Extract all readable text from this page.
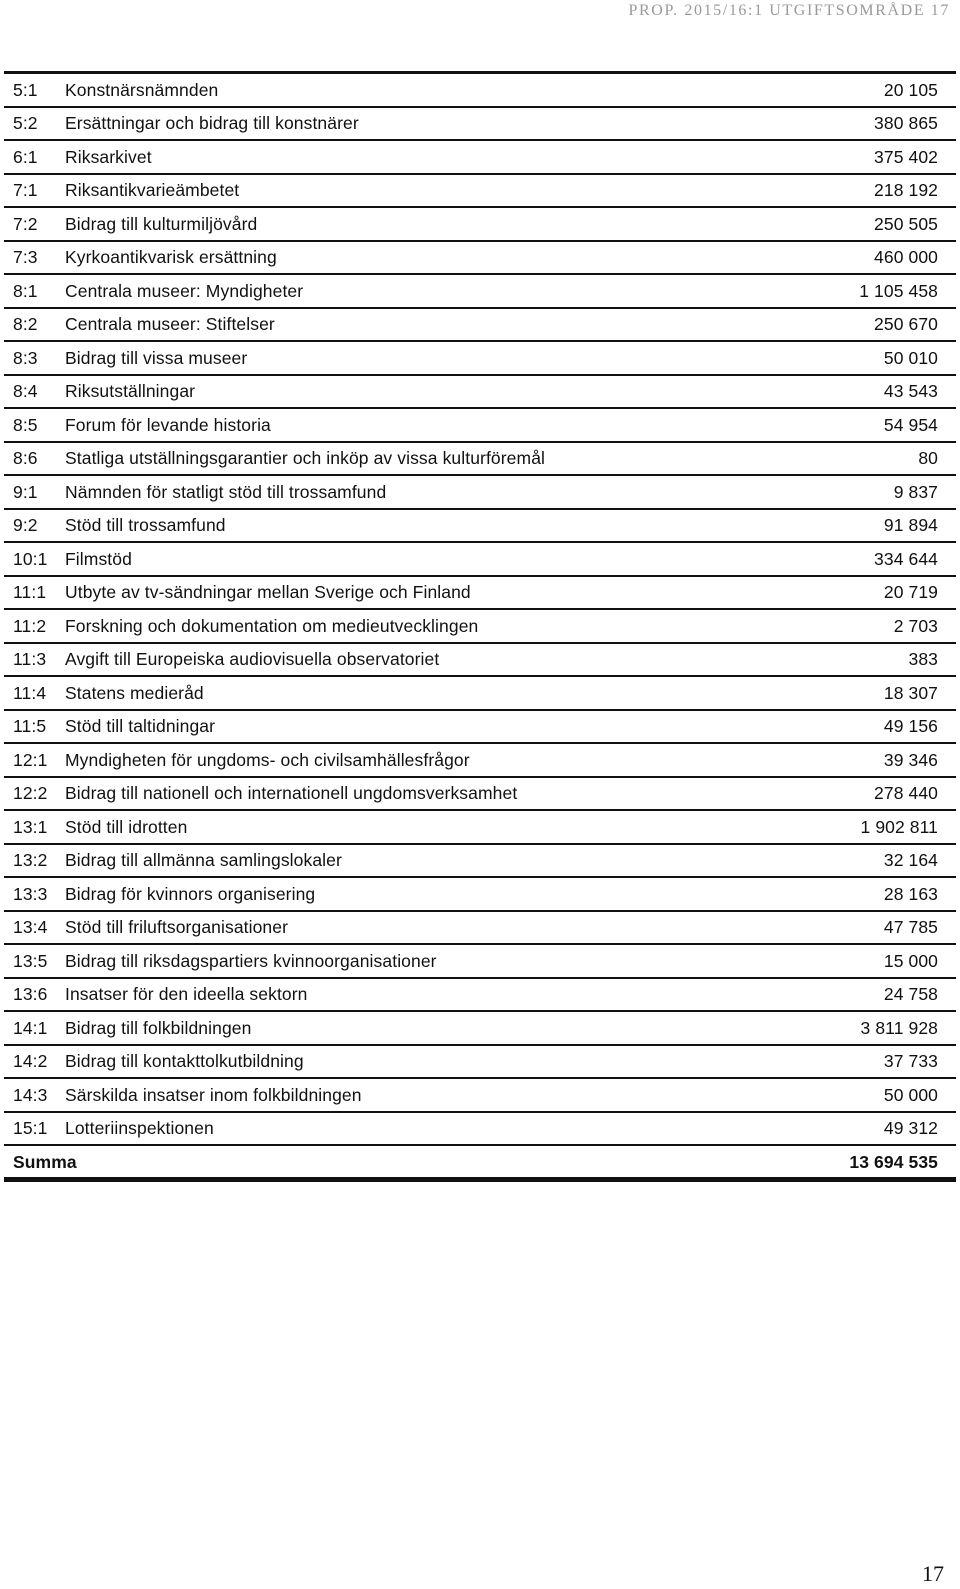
PROP. 2015/16:1 UTGIFTSOMRÅDE 17
5:1	Konstnärsnämnden	20 105
5:2	Ersättningar och bidrag till konstnärer	380 865
6:1	Riksarkivet	375 402
7:1	Riksantikvarieämbetet	218 192
7:2	Bidrag till kulturmiljövård	250 505
7:3	Kyrkoantikvarisk ersättning	460 000
8:1	Centrala museer: Myndigheter	1 105 458
8:2	Centrala museer: Stiftelser	250 670
8:3	Bidrag till vissa museer	50 010
8:4	Riksutställningar	43 543
8:5	Forum för levande historia	54 954
8:6	Statliga utställningsgarantier och inköp av vissa kulturföremål	80
9:1	Nämnden för statligt stöd till trossamfund	9 837
9:2	Stöd till trossamfund	91 894
10:1	Filmstöd	334 644
11:1	Utbyte av tv-sändningar mellan Sverige och Finland	20 719
11:2	Forskning och dokumentation om medieutvecklingen	2 703
11:3	Avgift till Europeiska audiovisuella observatoriet	383
11:4	Statens medieråd	18 307
11:5	Stöd till taltidningar	49 156
12:1	Myndigheten för ungdoms- och civilsamhällesfrågor	39 346
12:2	Bidrag till nationell och internationell ungdomsverksamhet	278 440
13:1	Stöd till idrotten	1 902 811
13:2	Bidrag till allmänna samlingslokaler	32 164
13:3	Bidrag för kvinnors organisering	28 163
13:4	Stöd till friluftsorganisationer	47 785
13:5	Bidrag till riksdagspartiers kvinnoorganisationer	15 000
13:6	Insatser för den ideella sektorn	24 758
14:1	Bidrag till folkbildningen	3 811 928
14:2	Bidrag till kontakttolkutbildning	37 733
14:3	Särskilda insatser inom folkbildningen	50 000
15:1	Lotteriinspektionen	49 312
Summa		13 694 535
17
